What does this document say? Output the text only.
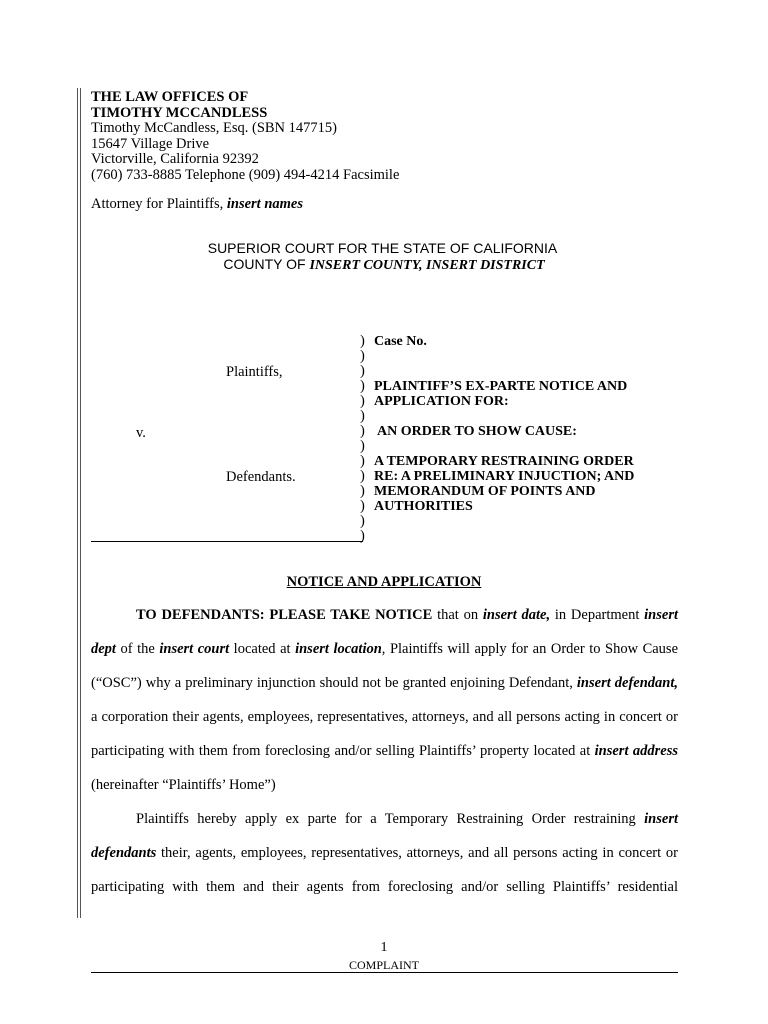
THE LAW OFFICES OF
TIMOTHY MCCANDLESS
Timothy McCandless, Esq. (SBN 147715)
15647 Village Drive
Victorville, California 92392
(760) 733-8885 Telephone (909) 494-4214 Facsimile
Attorney for Plaintiffs, insert names
SUPERIOR COURT FOR THE STATE OF CALIFORNIA
COUNTY OF INSERT COUNTY, INSERT DISTRICT
Plaintiffs,
v.
Defendants.
)
)
)
)
)
)
)
)
)
)
)
)
)
)
Case No.

PLAINTIFF’S EX-PARTE NOTICE AND
APPLICATION FOR:

AN ORDER TO SHOW CAUSE:

A TEMPORARY RESTRAINING ORDER
RE: A PRELIMINARY INJUCTION; AND
MEMORANDUM OF POINTS AND
AUTHORITIES
NOTICE AND APPLICATION

TO DEFENDANTS: PLEASE TAKE NOTICE that on insert date, in Department insert dept of the insert court located at insert location, Plaintiffs will apply for an Order to Show Cause (“OSC”) why a preliminary injunction should not be granted enjoining Defendant, insert defendant, a corporation their agents, employees, representatives, attorneys, and all persons acting in concert or participating with them from foreclosing and/or selling Plaintiffs’ property located at insert address (hereinafter “Plaintiffs’ Home”)

Plaintiffs hereby apply ex parte for a Temporary Restraining Order restraining insert defendants their, agents, employees, representatives, attorneys, and all persons acting in concert or participating with them and their agents from foreclosing and/or selling Plaintiffs’ residential

1
COMPLAINT
